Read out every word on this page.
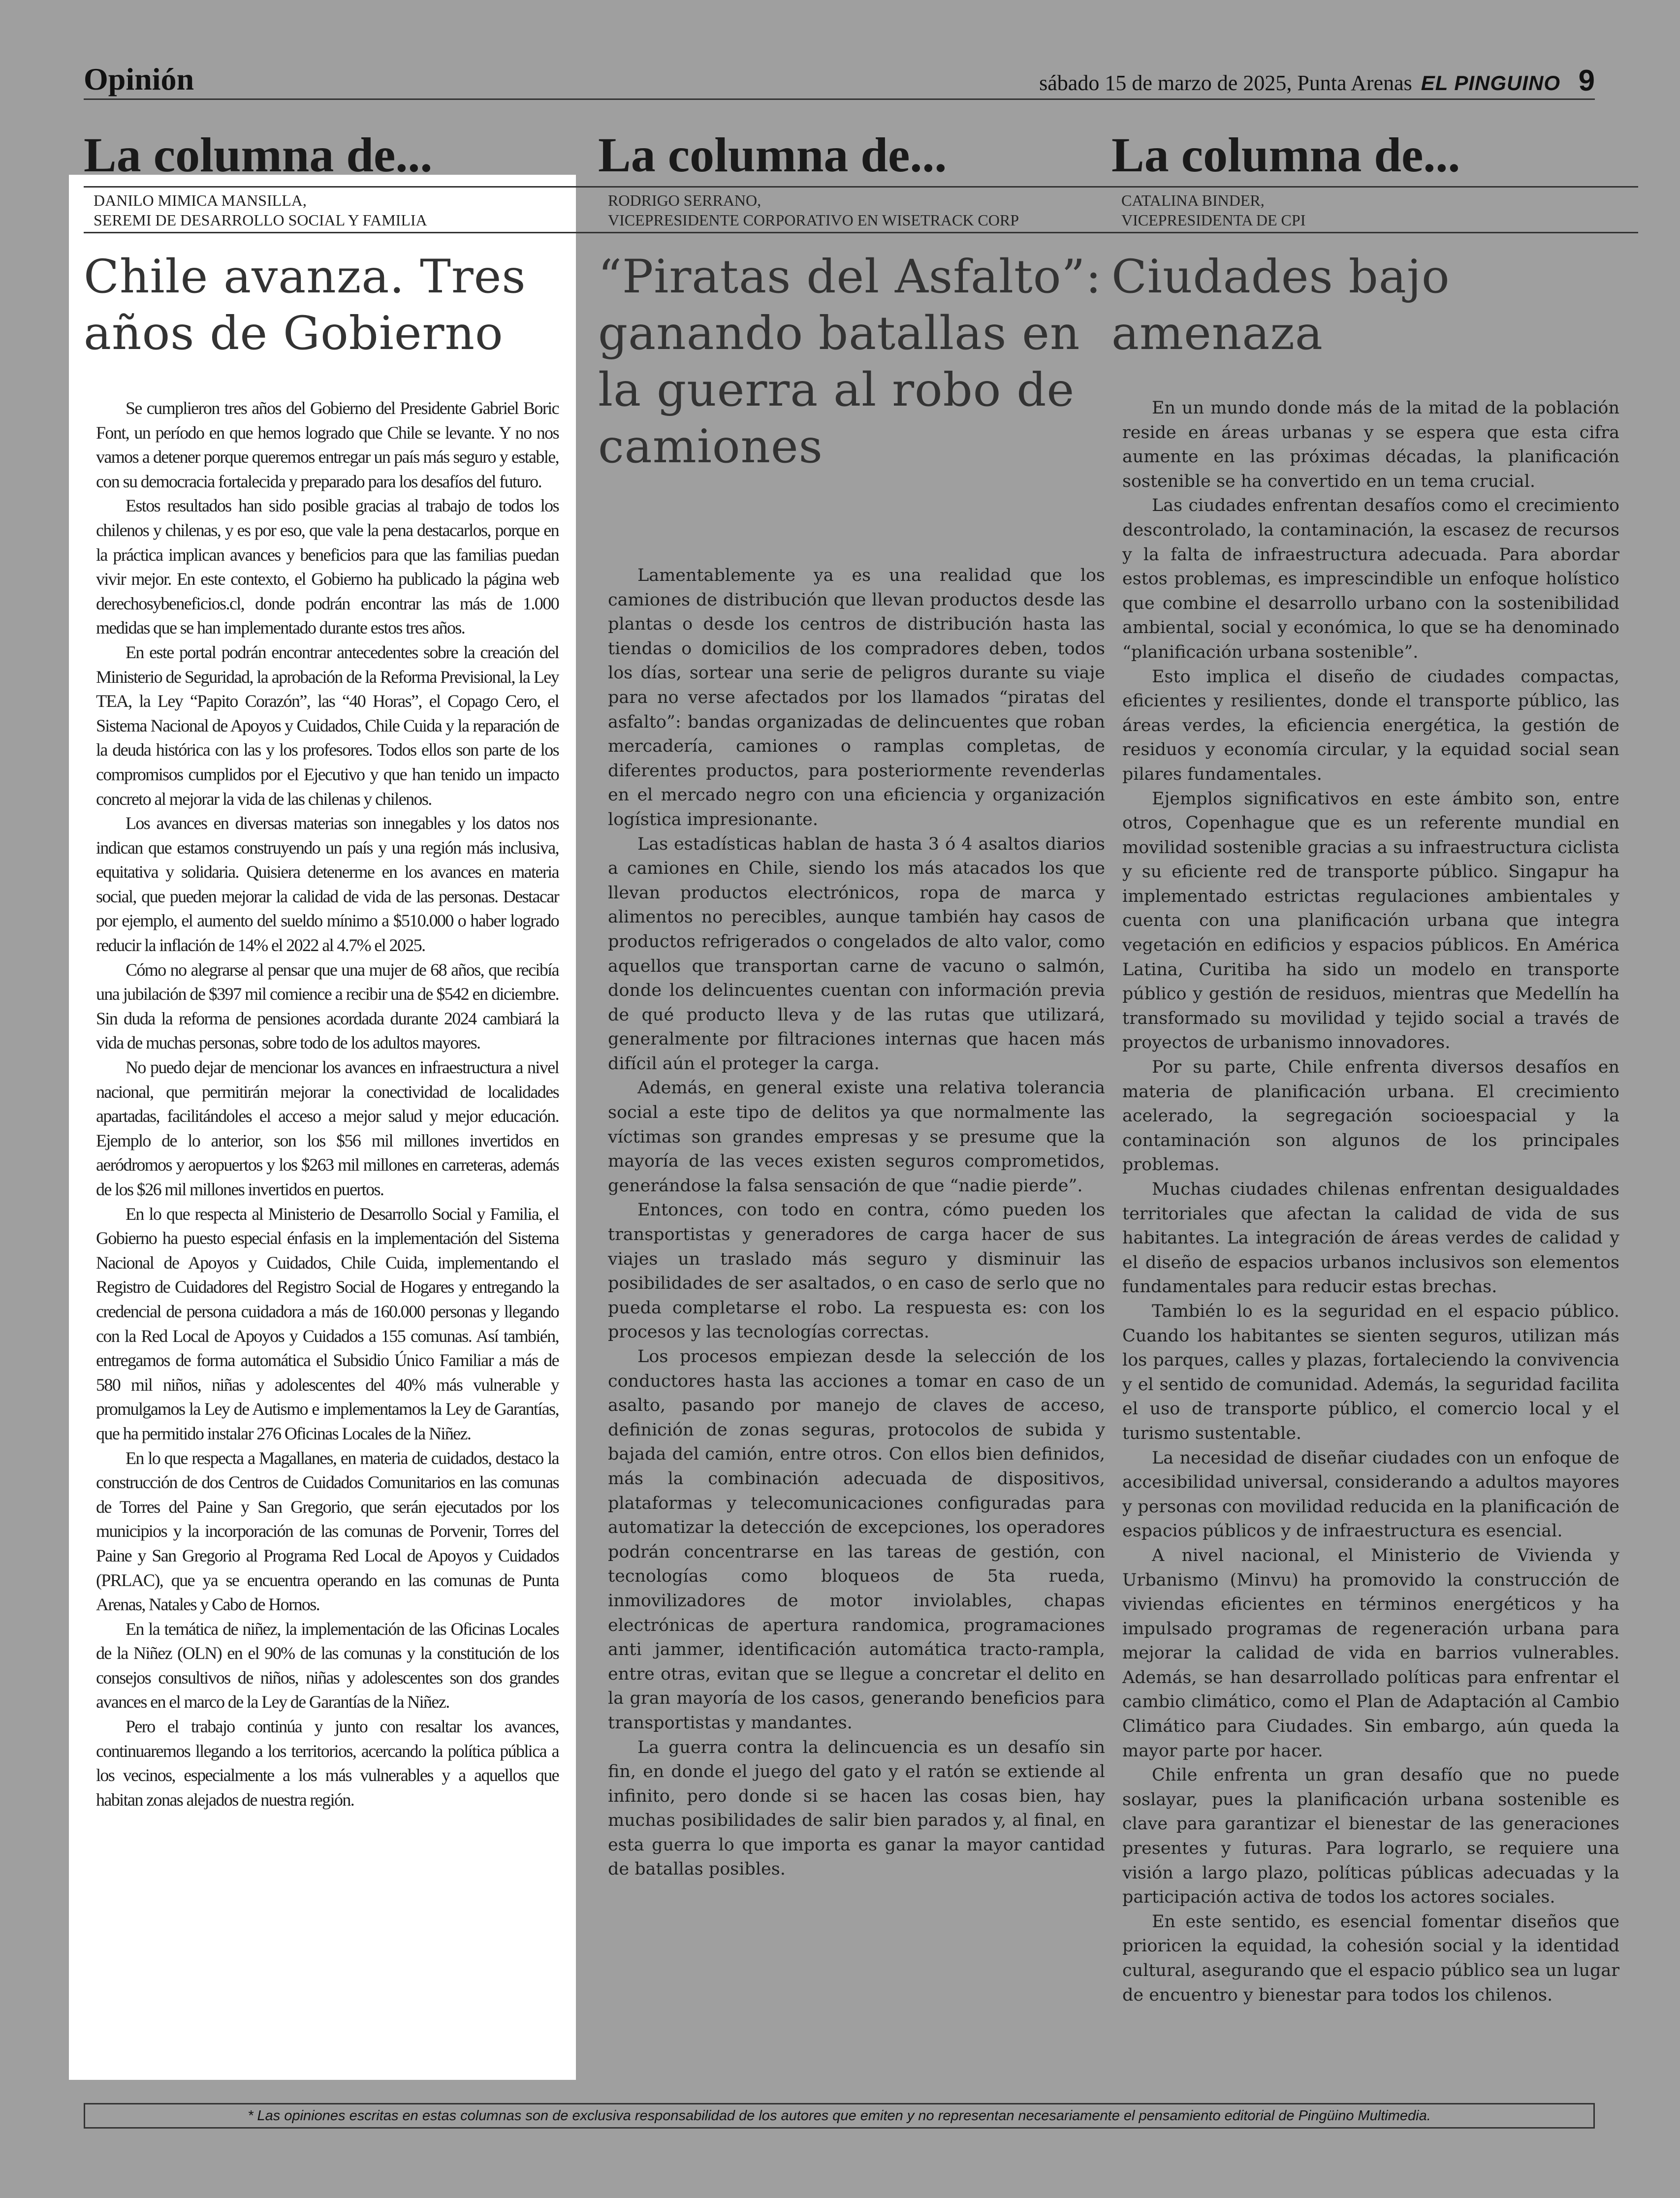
Opinión	sábado 15 de marzo de 2025, Punta Arenas EL PINGUINO 9
La columna de...
DANILO MIMICA MANSILLA,
SEREMI DE DESARROLLO SOCIAL Y FAMILIA
Chile avanza. Tres años de Gobierno

Se cumplieron tres años del Gobierno del Presidente Gabriel Boric Font, un período en que hemos logrado que Chile se levante. Y no nos vamos a detener porque queremos entregar un país más seguro y estable, con su democracia fortalecida y preparado para los desafíos del futuro.

Estos resultados han sido posible gracias al trabajo de todos los chilenos y chilenas, y es por eso, que vale la pena destacarlos, porque en la práctica implican avances y beneficios para que las familias puedan vivir mejor. En este contexto, el Gobierno ha publicado la página web derechosybeneficios.cl, donde podrán encontrar las más de 1.000 medidas que se han implementado durante estos tres años.

En este portal podrán encontrar antecedentes sobre la creación del Ministerio de Seguridad, la aprobación de la Reforma Previsional, la Ley TEA, la Ley “Papito Corazón”, las “40 Horas”, el Copago Cero, el Sistema Nacional de Apoyos y Cuidados, Chile Cuida y la reparación de la deuda histórica con las y los profesores. Todos ellos son parte de los compromisos cumplidos por el Ejecutivo y que han tenido un impacto concreto al mejorar la vida de las chilenas y chilenos.

Los avances en diversas materias son innegables y los datos nos indican que estamos construyendo un país y una región más inclusiva, equitativa y solidaria. Quisiera detenerme en los avances en materia social, que pueden mejorar la calidad de vida de las personas. Destacar por ejemplo, el aumento del sueldo mínimo a $510.000 o haber logrado reducir la inflación de 14% el 2022 al 4.7% el 2025.

Cómo no alegrarse al pensar que una mujer de 68 años, que recibía una jubilación de $397 mil comience a recibir una de $542 en diciembre. Sin duda la reforma de pensiones acordada durante 2024 cambiará la vida de muchas personas, sobre todo de los adultos mayores.

No puedo dejar de mencionar los avances en infraestructura a nivel nacional, que permitirán mejorar la conectividad de localidades apartadas, facilitándoles el acceso a mejor salud y mejor educación. Ejemplo de lo anterior, son los $56 mil millones invertidos en aeródromos y aeropuertos y los $263 mil millones en carreteras, además de los $26 mil millones invertidos en puertos.

En lo que respecta al Ministerio de Desarrollo Social y Familia, el Gobierno ha puesto especial énfasis en la implementación del Sistema Nacional de Apoyos y Cuidados, Chile Cuida, implementando el Registro de Cuidadores del Registro Social de Hogares y entregando la credencial de persona cuidadora a más de 160.000 personas y llegando con la Red Local de Apoyos y Cuidados a 155 comunas. Así también, entregamos de forma automática el Subsidio Único Familiar a más de 580 mil niños, niñas y adolescentes del 40% más vulnerable y promulgamos la Ley de Autismo e implementamos la Ley de Garantías, que ha permitido instalar 276 Oficinas Locales de la Niñez.

En lo que respecta a Magallanes, en materia de cuidados, destaco la construcción de dos Centros de Cuidados Comunitarios en las comunas de Torres del Paine y San Gregorio, que serán ejecutados por los municipios y la incorporación de las comunas de Porvenir, Torres del Paine y San Gregorio al Programa Red Local de Apoyos y Cuidados (PRLAC), que ya se encuentra operando en las comunas de Punta Arenas, Natales y Cabo de Hornos.

En la temática de niñez, la implementación de las Oficinas Locales de la Niñez (OLN) en el 90% de las comunas y la constitución de los consejos consultivos de niños, niñas y adolescentes son dos grandes avances en el marco de la Ley de Garantías de la Niñez.

Pero el trabajo continúa y junto con resaltar los avances, continuaremos llegando a los territorios, acercando la política pública a los vecinos, especialmente a los más vulnerables y a aquellos que habitan zonas alejados de nuestra región.

La columna de...
RODRIGO SERRANO,
VICEPRESIDENTE CORPORATIVO EN WISETRACK CORP
“Piratas del Asfalto”: ganando batallas en la guerra al robo de camiones

Lamentablemente ya es una realidad que los camiones de distribución que llevan productos desde las plantas o desde los centros de distribución hasta las tiendas o domicilios de los compradores deben, todos los días, sortear una serie de peligros durante su viaje para no verse afectados por los llamados “piratas del asfalto”: bandas organizadas de delincuentes que roban mercadería, camiones o ramplas completas, de diferentes productos, para posteriormente revenderlas en el mercado negro con una eficiencia y organización logística impresionante.

Las estadísticas hablan de hasta 3 ó 4 asaltos diarios a camiones en Chile, siendo los más atacados los que llevan productos electrónicos, ropa de marca y alimentos no perecibles, aunque también hay casos de productos refrigerados o congelados de alto valor, como aquellos que transportan carne de vacuno o salmón, donde los delincuentes cuentan con información previa de qué producto lleva y de las rutas que utilizará, generalmente por filtraciones internas que hacen más difícil aún el proteger la carga.

Además, en general existe una relativa tolerancia social a este tipo de delitos ya que normalmente las víctimas son grandes empresas y se presume que la mayoría de las veces existen seguros comprometidos, generándose la falsa sensación de que “nadie pierde”.

Entonces, con todo en contra, cómo pueden los transportistas y generadores de carga hacer de sus viajes un traslado más seguro y disminuir las posibilidades de ser asaltados, o en caso de serlo que no pueda completarse el robo. La respuesta es: con los procesos y las tecnologías correctas.

Los procesos empiezan desde la selección de los conductores hasta las acciones a tomar en caso de un asalto, pasando por manejo de claves de acceso, definición de zonas seguras, protocolos de subida y bajada del camión, entre otros. Con ellos bien definidos, más la combinación adecuada de dispositivos, plataformas y telecomunicaciones configuradas para automatizar la detección de excepciones, los operadores podrán concentrarse en las tareas de gestión, con tecnologías como bloqueos de 5ta rueda, inmovilizadores de motor inviolables, chapas electrónicas de apertura randomica, programaciones anti jammer, identificación automática tracto-rampla, entre otras, evitan que se llegue a concretar el delito en la gran mayoría de los casos, generando beneficios para transportistas y mandantes.

La guerra contra la delincuencia es un desafío sin fin, en donde el juego del gato y el ratón se extiende al infinito, pero donde si se hacen las cosas bien, hay muchas posibilidades de salir bien parados y, al final, en esta guerra lo que importa es ganar la mayor cantidad de batallas posibles.

La columna de...
CATALINA BINDER,
VICEPRESIDENTA DE CPI
Ciudades bajo amenaza

En un mundo donde más de la mitad de la población reside en áreas urbanas y se espera que esta cifra aumente en las próximas décadas, la planificación sostenible se ha convertido en un tema crucial.

Las ciudades enfrentan desafíos como el crecimiento descontrolado, la contaminación, la escasez de recursos y la falta de infraestructura adecuada. Para abordar estos problemas, es imprescindible un enfoque holístico que combine el desarrollo urbano con la sostenibilidad ambiental, social y económica, lo que se ha denominado “planificación urbana sostenible”.

Esto implica el diseño de ciudades compactas, eficientes y resilientes, donde el transporte público, las áreas verdes, la eficiencia energética, la gestión de residuos y economía circular, y la equidad social sean pilares fundamentales.

Ejemplos significativos en este ámbito son, entre otros, Copenhague que es un referente mundial en movilidad sostenible gracias a su infraestructura ciclista y su eficiente red de transporte público. Singapur ha implementado estrictas regulaciones ambientales y cuenta con una planificación urbana que integra vegetación en edificios y espacios públicos. En América Latina, Curitiba ha sido un modelo en transporte público y gestión de residuos, mientras que Medellín ha transformado su movilidad y tejido social a través de proyectos de urbanismo innovadores.

Por su parte, Chile enfrenta diversos desafíos en materia de planificación urbana. El crecimiento acelerado, la segregación socioespacial y la contaminación son algunos de los principales problemas.

Muchas ciudades chilenas enfrentan desigualdades territoriales que afectan la calidad de vida de sus habitantes. La integración de áreas verdes de calidad y el diseño de espacios urbanos inclusivos son elementos fundamentales para reducir estas brechas.

También lo es la seguridad en el espacio público. Cuando los habitantes se sienten seguros, utilizan más los parques, calles y plazas, fortaleciendo la convivencia y el sentido de comunidad. Además, la seguridad facilita el uso de transporte público, el comercio local y el turismo sustentable.

La necesidad de diseñar ciudades con un enfoque de accesibilidad universal, considerando a adultos mayores y personas con movilidad reducida en la planificación de espacios públicos y de infraestructura es esencial.

A nivel nacional, el Ministerio de Vivienda y Urbanismo (Minvu) ha promovido la construcción de viviendas eficientes en términos energéticos y ha impulsado programas de regeneración urbana para mejorar la calidad de vida en barrios vulnerables. Además, se han desarrollado políticas para enfrentar el cambio climático, como el Plan de Adaptación al Cambio Climático para Ciudades. Sin embargo, aún queda la mayor parte por hacer.

Chile enfrenta un gran desafío que no puede soslayar, pues la planificación urbana sostenible es clave para garantizar el bienestar de las generaciones presentes y futuras. Para lograrlo, se requiere una visión a largo plazo, políticas públicas adecuadas y la participación activa de todos los actores sociales.

En este sentido, es esencial fomentar diseños que prioricen la equidad, la cohesión social y la identidad cultural, asegurando que el espacio público sea un lugar de encuentro y bienestar para todos los chilenos.

* Las opiniones escritas en estas columnas son de exclusiva responsabilidad de los autores que emiten y no representan necesariamente el pensamiento editorial de Pingüino Multimedia.
